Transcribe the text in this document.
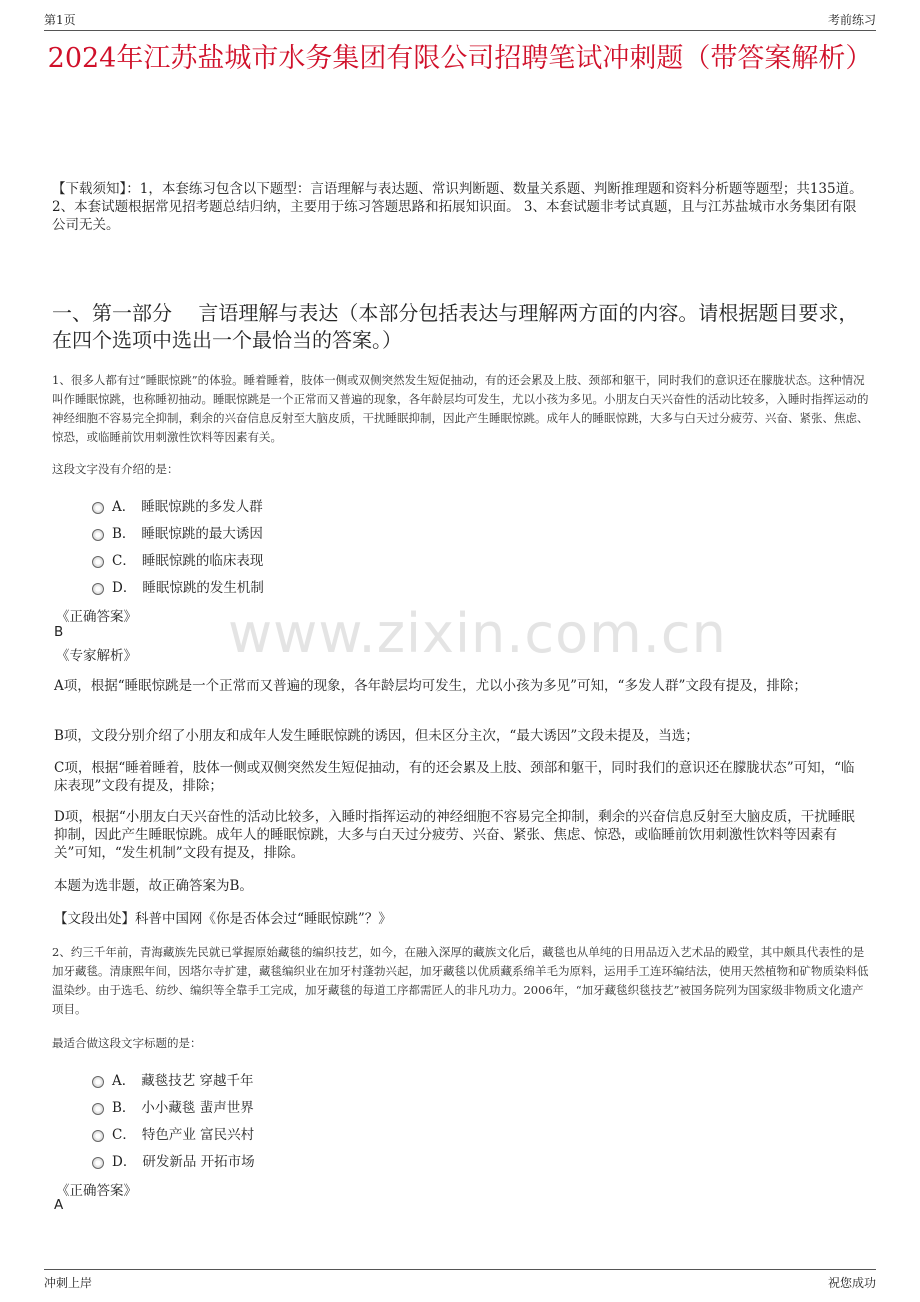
第1页	考前练习
2024年江苏盐城市水务集团有限公司招聘笔试冲刺题（带答案解析）
【下载须知】：1，本套练习包含以下题型：言语理解与表达题、常识判断题、数量关系题、判断推理题和资料分析题等题型；共135道。 2、本套试题根据常见招考题总结归纳，主要用于练习答题思路和拓展知识面。 3、本套试题非考试真题，且与江苏盐城市水务集团有限公司无关。
一、第一部分　 言语理解与表达（本部分包括表达与理解两方面的内容。请根据题目要求，在四个选项中选出一个最恰当的答案。）
1、很多人都有过“睡眠惊跳”的体验。睡着睡着，肢体一侧或双侧突然发生短促抽动，有的还会累及上肢、颈部和躯干，同时我们的意识还在朦胧状态。这种情况叫作睡眠惊跳，也称睡初抽动。睡眠惊跳是一个正常而又普遍的现象，各年龄层均可发生，尤以小孩为多见。小朋友白天兴奋性的活动比较多，入睡时指挥运动的神经细胞不容易完全抑制，剩余的兴奋信息反射至大脑皮质，干扰睡眠抑制，因此产生睡眠惊跳。成年人的睡眠惊跳，大多与白天过分疲劳、兴奋、紧张、焦虑、惊恐，或临睡前饮用刺激性饮料等因素有关。
这段文字没有介绍的是：
A． 睡眠惊跳的多发人群
B． 睡眠惊跳的最大诱因
C． 睡眠惊跳的临床表现
D． 睡眠惊跳的发生机制
《正确答案》
B
《专家解析》 www.zixin.com.cn
A项，根据“睡眠惊跳是一个正常而又普遍的现象，各年龄层均可发生，尤以小孩为多见”可知，“多发人群”文段有提及，排除；
B项，文段分别介绍了小朋友和成年人发生睡眠惊跳的诱因，但未区分主次，“最大诱因”文段未提及，当选；
C项，根据“睡着睡着，肢体一侧或双侧突然发生短促抽动，有的还会累及上肢、颈部和躯干，同时我们的意识还在朦胧状态”可知，“临床表现”文段有提及，排除；
D项，根据“小朋友白天兴奋性的活动比较多，入睡时指挥运动的神经细胞不容易完全抑制，剩余的兴奋信息反射至大脑皮质，干扰睡眠抑制，因此产生睡眠惊跳。成年人的睡眠惊跳，大多与白天过分疲劳、兴奋、紧张、焦虑、惊恐，或临睡前饮用刺激性饮料等因素有关”可知，“发生机制”文段有提及，排除。
本题为选非题，故正确答案为B。
【文段出处】科普中国网《你是否体会过“睡眠惊跳”？》
2、约三千年前，青海藏族先民就已掌握原始藏毯的编织技艺，如今，在融入深厚的藏族文化后，藏毯也从单纯的日用品迈入艺术品的殿堂，其中颇具代表性的是加牙藏毯。清康熙年间，因塔尔寺扩建，藏毯编织业在加牙村蓬勃兴起，加牙藏毯以优质藏系绵羊毛为原料，运用手工连环编结法，使用天然植物和矿物质染料低温染纱。由于选毛、纺纱、编织等全靠手工完成，加牙藏毯的每道工序都需匠人的非凡功力。2006年，“加牙藏毯织毯技艺”被国务院列为国家级非物质文化遗产项目。
最适合做这段文字标题的是：
A． 藏毯技艺 穿越千年
B． 小小藏毯 蜚声世界
C． 特色产业 富民兴村
D． 研发新品 开拓市场
《正确答案》
A
冲刺上岸	祝您成功
